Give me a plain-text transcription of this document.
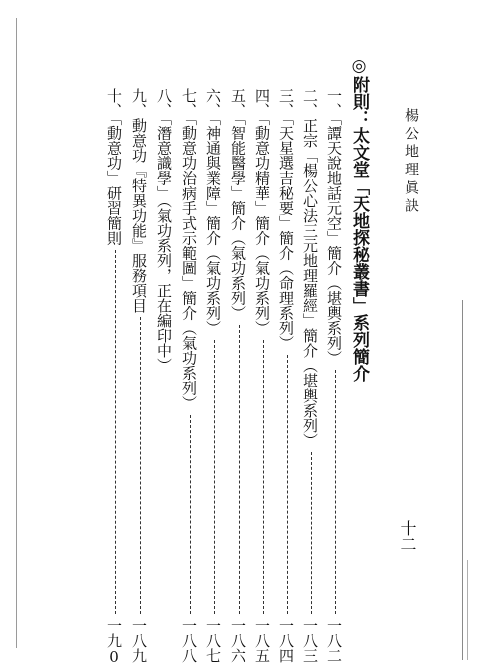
楊公地理眞訣
十二
◎附則：太文堂「天地探秘叢書」系列簡介
一、「譚天說地話元空」簡介（堪輿系列）
一八二
二、正宗「楊公心法三元地理羅經」簡介（堪輿系列）
一八三
三、「天星選吉秘要」簡介（命理系列）
一八四
四、「動意功精華」簡介（氣功系列）
一八五
五、「智能醫學」簡介（氣功系列）
一八六
六、「神通與業障」簡介（氣功系列）
一八七
七、「動意功治病手式示範圖」簡介（氣功系列）
一八八
八、「潛意識學」（氣功系列，正在編印中）
九、動意功『特異功能』服務項目
一八九
十、「動意功」研習簡則
一九0
